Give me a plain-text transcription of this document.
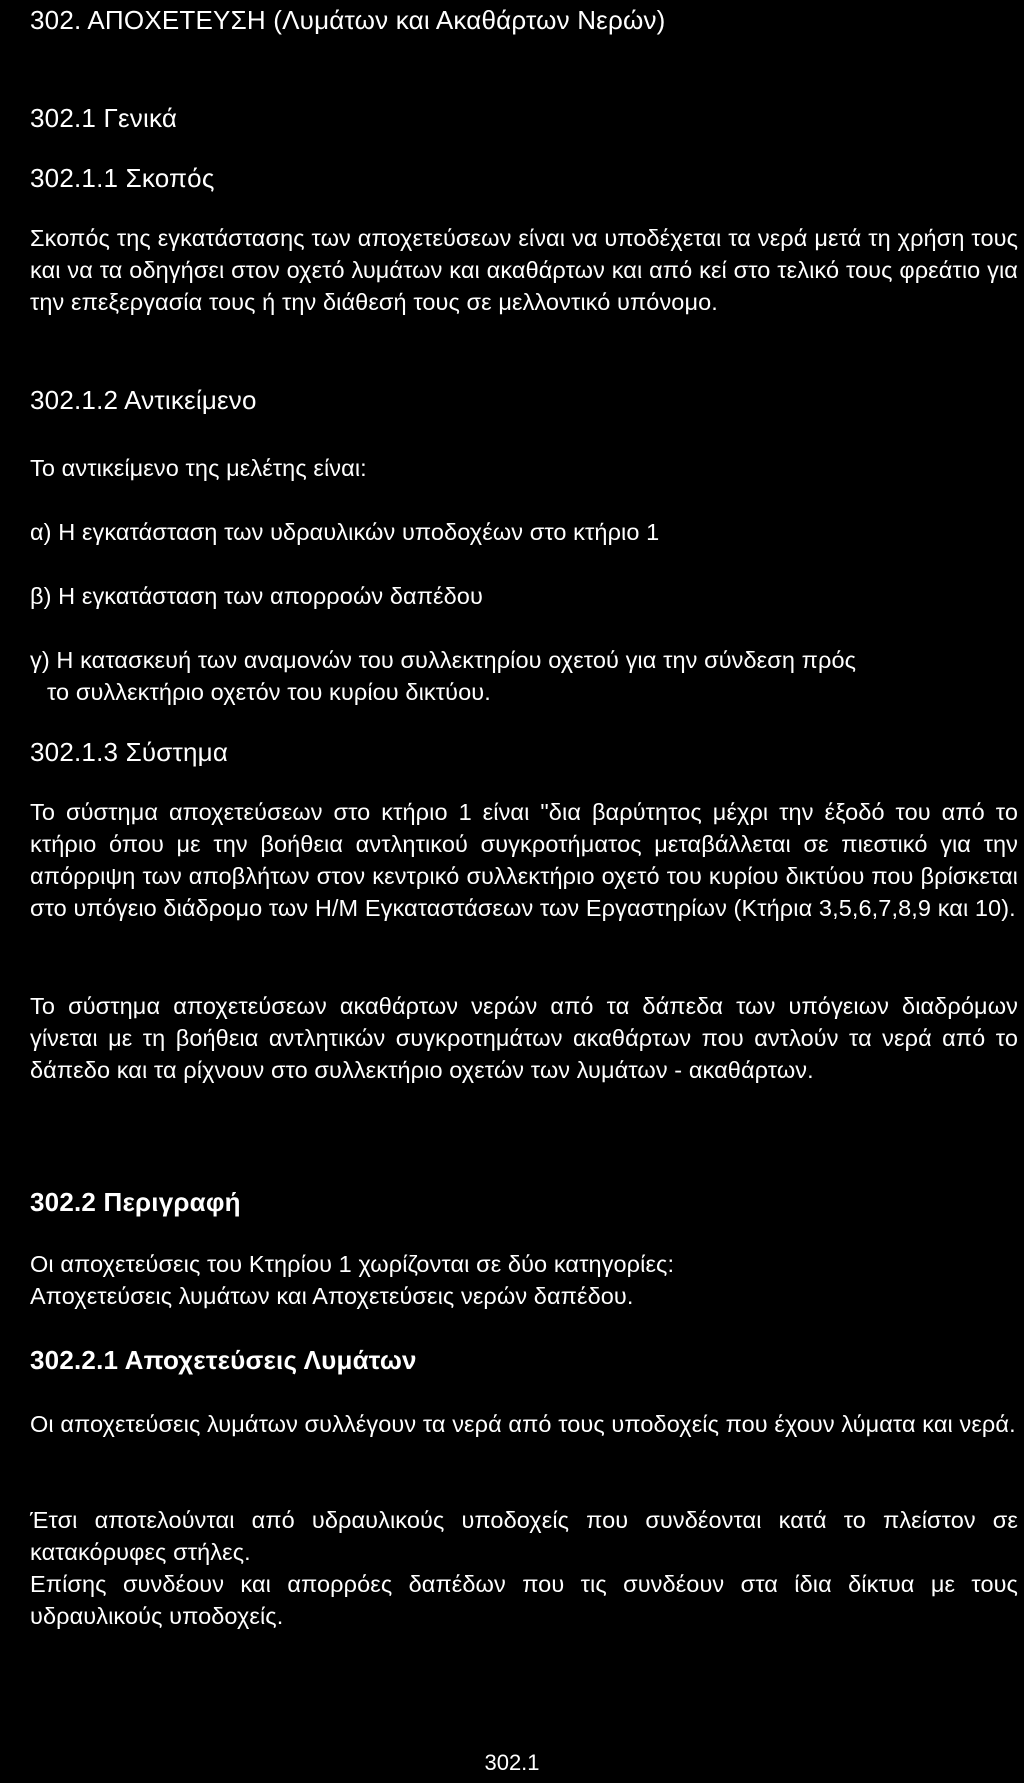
302. ΑΠΟΧΕΤΕΥΣΗ (Λυμάτων και Ακαθάρτων Νερών)

302.1 Γενικά

302.1.1 Σκοπός

Σκοπός της εγκατάστασης των αποχετεύσεων είναι να υποδέχεται τα νερά μετά τη χρήση τους και να τα οδηγήσει στον οχετό λυμάτων και ακαθάρτων και από κεί στο τελικό τους φρεάτιο για την επεξεργασία τους ή την διάθεσή τους σε μελλοντικό υπόνομο.

302.1.2 Αντικείμενο

Το αντικείμενο της μελέτης είναι:

α) Η εγκατάσταση των υδραυλικών υποδοχέων στο κτήριο 1

β) Η εγκατάσταση των απορροών δαπέδου

γ) Η κατασκευή των αναμονών του συλλεκτηρίου οχετού για την σύνδεση πρός
το συλλεκτήριο οχετόν του κυρίου δικτύου.

302.1.3 Σύστημα

Το σύστημα αποχετεύσεων στο κτήριο 1 είναι "δια βαρύτητος μέχρι την έξοδό του από το κτήριο όπου με την βοήθεια αντλητικού συγκροτήματος μεταβάλλεται σε πιεστικό για την απόρριψη των αποβλήτων στον κεντρικό συλλεκτήριο οχετό του κυρίου δικτύου που βρίσκεται στο υπόγειο διάδρομο των Η/Μ Εγκαταστάσεων των Εργαστηρίων (Κτήρια 3,5,6,7,8,9 και 10).

Το σύστημα αποχετεύσεων ακαθάρτων νερών από τα δάπεδα των υπόγειων διαδρόμων γίνεται με τη βοήθεια αντλητικών συγκροτημάτων ακαθάρτων που αντλούν τα νερά από το δάπεδο και τα ρίχνουν στο συλλεκτήριο οχετών των λυμάτων - ακαθάρτων.

302.2 Περιγραφή

Οι αποχετεύσεις του Κτηρίου 1 χωρίζονται σε δύο κατηγορίες:
Αποχετεύσεις λυμάτων και Αποχετεύσεις νερών δαπέδου.

302.2.1 Αποχετεύσεις Λυμάτων

Οι αποχετεύσεις λυμάτων συλλέγουν τα νερά από τους υποδοχείς που έχουν λύματα και νερά.

Έτσι αποτελούνται από υδραυλικούς υποδοχείς που συνδέονται κατά το πλείστον σε κατακόρυφες στήλες.

Επίσης συνδέουν και απορρόες δαπέδων που τις συνδέουν στα ίδια δίκτυα με τους υδραυλικούς υποδοχείς.

302.1
